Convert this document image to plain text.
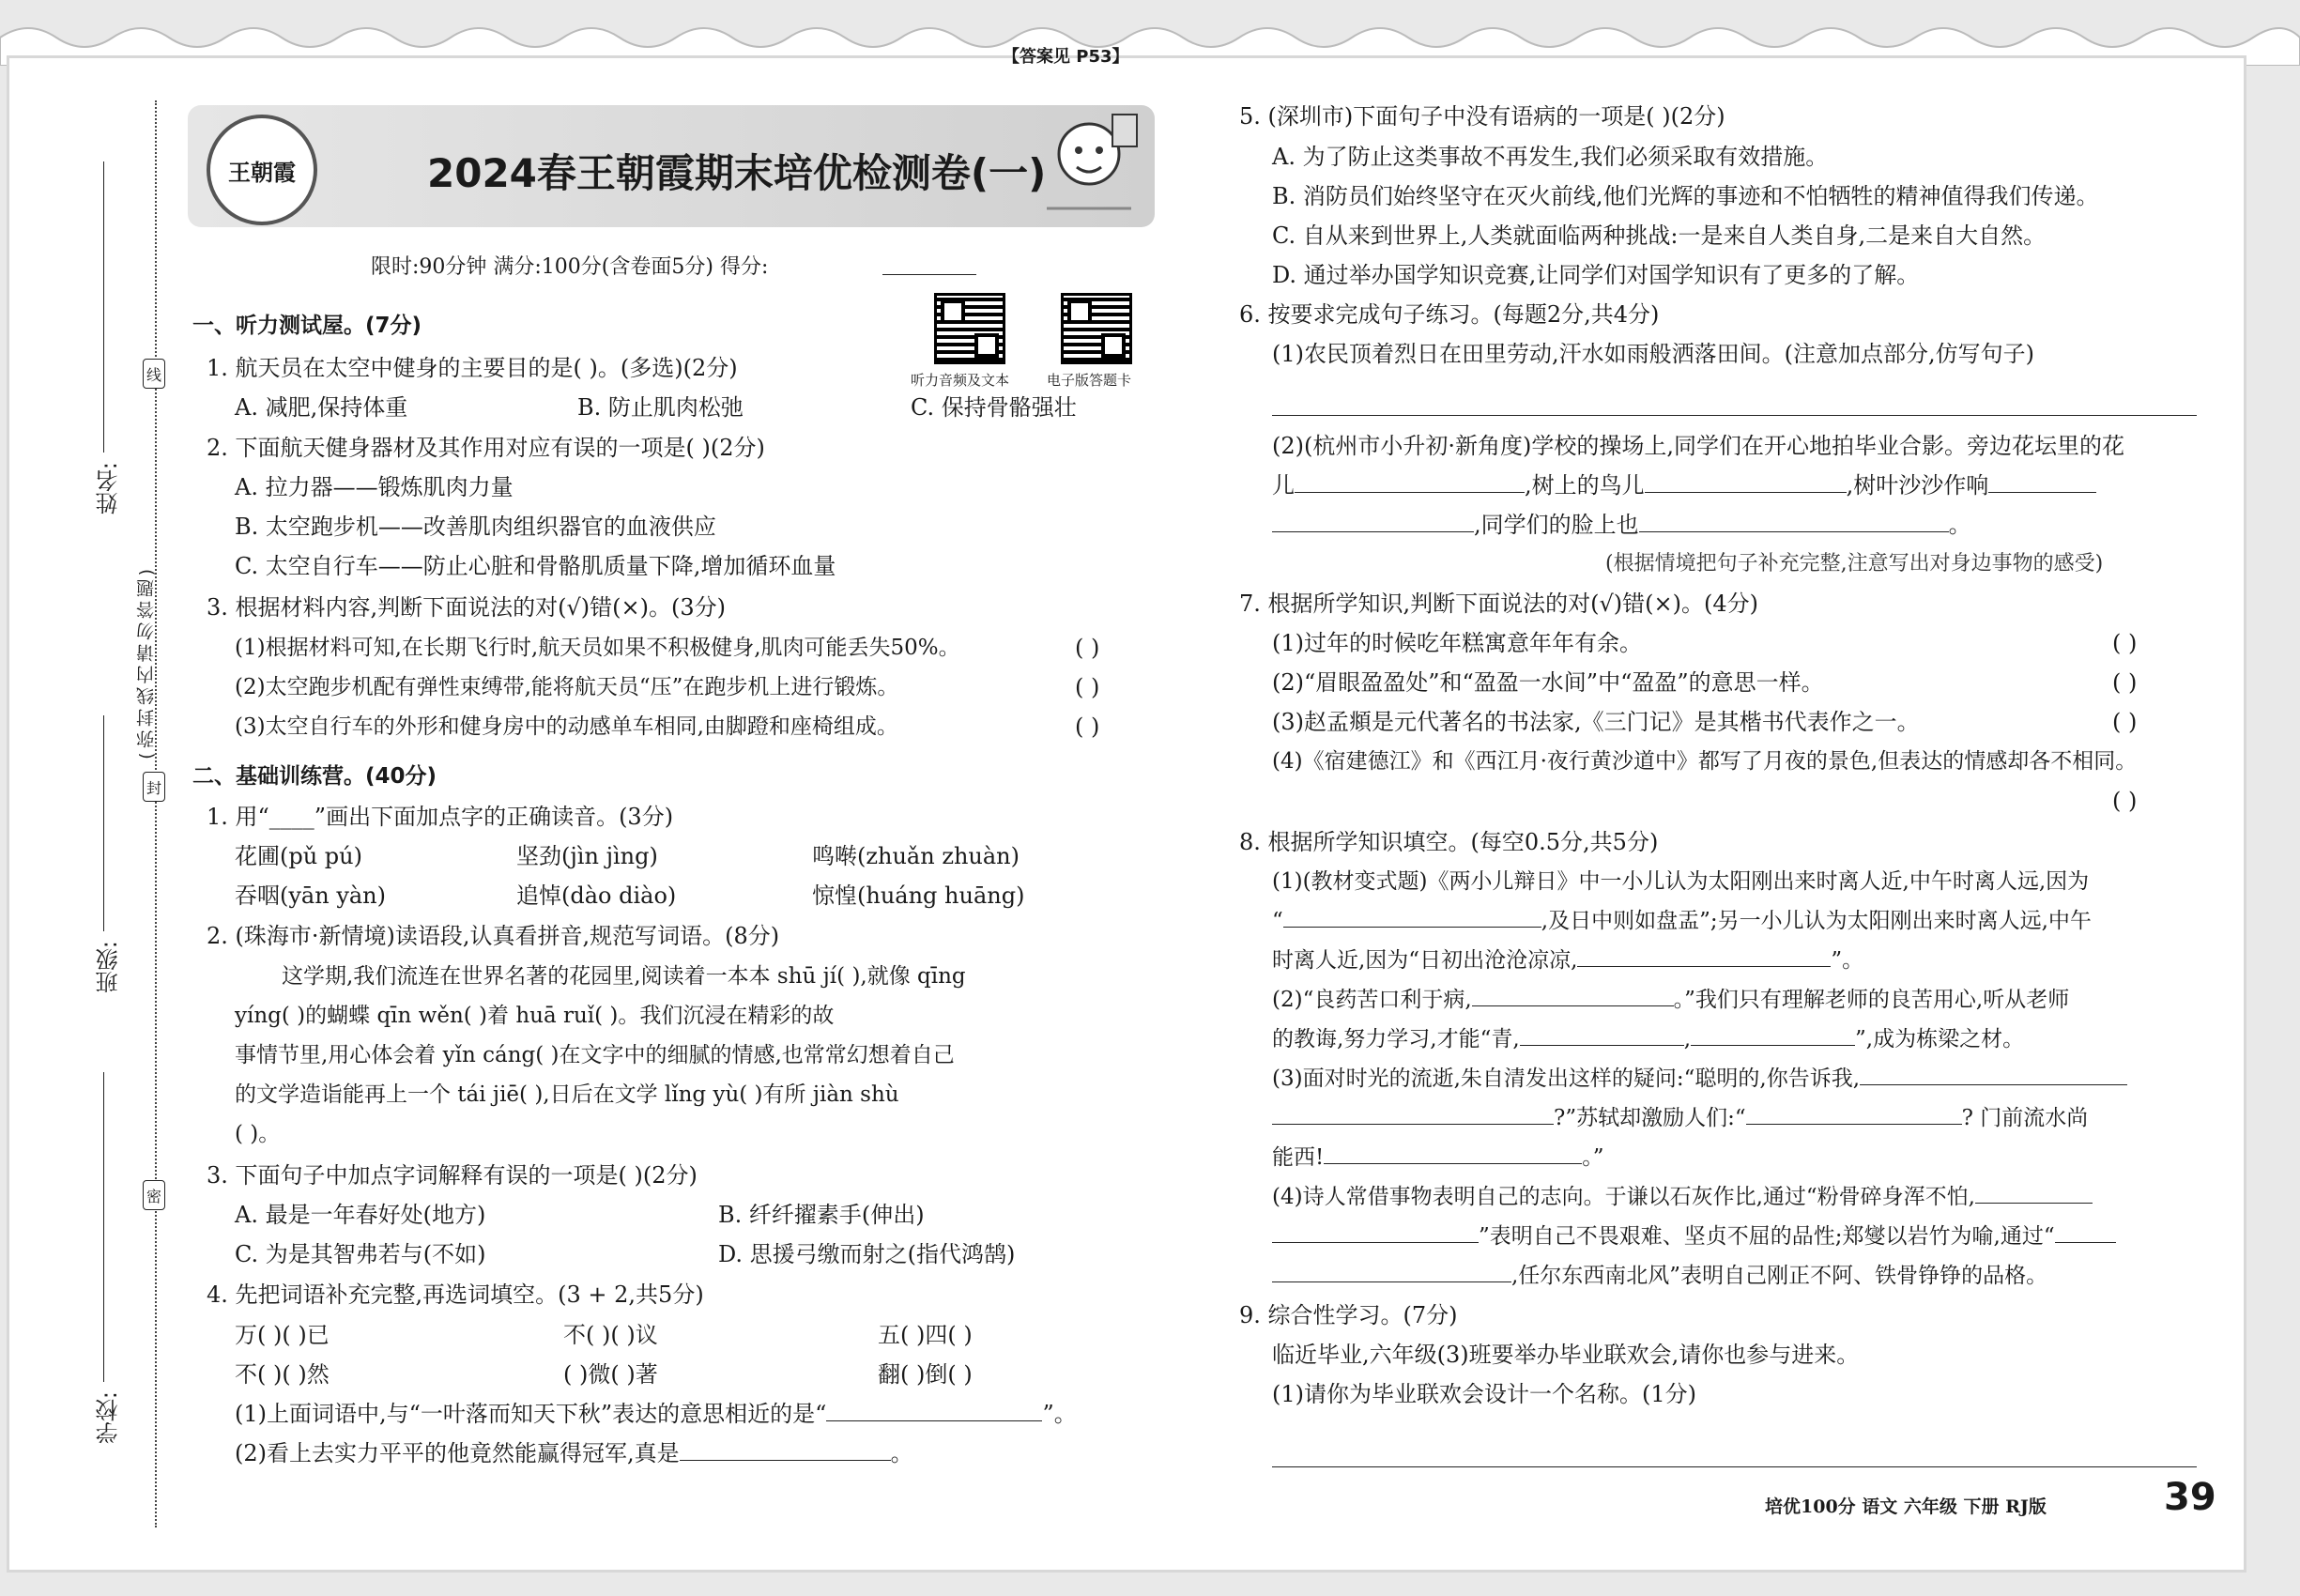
姓名:
班级:
学校:
(弥封线内请勿答题)
线
封
密
【答案见 P53】
王朝霞	2024春王朝霞期末培优检测卷(一)
限时:90分钟 满分:100分(含卷面5分) 得分:
听力音频及文本	电子版答题卡
一、听力测试屋。(7分)
1. 航天员在太空中健身的主要目的是( )。(多选)(2分)
A. 减肥,保持体重	B. 防止肌肉松弛	C. 保持骨骼强壮
2. 下面航天健身器材及其作用对应有误的一项是( )(2分)
A. 拉力器——锻炼肌肉力量
B. 太空跑步机——改善肌肉组织器官的血液供应
C. 太空自行车——防止心脏和骨骼肌质量下降,增加循环血量
3. 根据材料内容,判断下面说法的对(√)错(×)。(3分)
(1)根据材料可知,在长期飞行时,航天员如果不积极健身,肌肉可能丢失50%。	( )
(2)太空跑步机配有弹性束缚带,能将航天员“压”在跑步机上进行锻炼。	( )
(3)太空自行车的外形和健身房中的动感单车相同,由脚蹬和座椅组成。	( )
二、基础训练营。(40分)
1. 用“____”画出下面加点字的正确读音。(3分)
花圃(pǔ pú)	坚劲(jìn jìng)	鸣啭(zhuǎn zhuàn)
吞咽(yān yàn)	追悼(dào diào)	惊惶(huáng huāng)
2. (珠海市·新情境)读语段,认真看拼音,规范写词语。(8分)
这学期,我们流连在世界名著的花园里,阅读着一本本 shū jí( ),就像 qīng
yíng( )的蝴蝶 qīn wěn( )着 huā ruǐ( )。我们沉浸在精彩的故
事情节里,用心体会着 yǐn cáng( )在文字中的细腻的情感,也常常幻想着自己
的文学造诣能再上一个 tái jiē( ),日后在文学 lǐng yù( )有所 jiàn shù
( )。
3. 下面句子中加点字词解释有误的一项是( )(2分)
A. 最是一年春好处(地方)	B. 纤纤擢素手(伸出)
C. 为是其智弗若与(不如)	D. 思援弓缴而射之(指代鸿鹄)
4. 先把词语补充完整,再选词填空。(3 + 2,共5分)
万( )( )已	不( )( )议	五( )四( )
不( )( )然	( )微( )著	翻( )倒( )
(1)上面词语中,与“一叶落而知天下秋”表达的意思相近的是“	”。
(2)看上去实力平平的他竟然能赢得冠军,真是	。
5. (深圳市)下面句子中没有语病的一项是( )(2分)
A. 为了防止这类事故不再发生,我们必须采取有效措施。
B. 消防员们始终坚守在灭火前线,他们光辉的事迹和不怕牺牲的精神值得我们传递。
C. 自从来到世界上,人类就面临两种挑战:一是来自人类自身,二是来自大自然。
D. 通过举办国学知识竞赛,让同学们对国学知识有了更多的了解。
6. 按要求完成句子练习。(每题2分,共4分)
(1)农民顶着烈日在田里劳动,汗水如雨般洒落田间。(注意加点部分,仿写句子)
(2)(杭州市小升初·新角度)学校的操场上,同学们在开心地拍毕业合影。旁边花坛里的花
儿	,树上的鸟儿	,树叶沙沙作响
,同学们的脸上也	。
(根据情境把句子补充完整,注意写出对身边事物的感受)
7. 根据所学知识,判断下面说法的对(√)错(×)。(4分)
(1)过年的时候吃年糕寓意年年有余。	( )
(2)“眉眼盈盈处”和“盈盈一水间”中“盈盈”的意思一样。	( )
(3)赵孟頫是元代著名的书法家,《三门记》是其楷书代表作之一。	( )
(4)《宿建德江》和《西江月·夜行黄沙道中》都写了月夜的景色,但表达的情感却各不相同。
( )
8. 根据所学知识填空。(每空0.5分,共5分)
(1)(教材变式题)《两小儿辩日》中一小儿认为太阳刚出来时离人近,中午时离人远,因为
“	,及日中则如盘盂”;另一小儿认为太阳刚出来时离人远,中午
时离人近,因为“日初出沧沧凉凉,	”。
(2)“良药苦口利于病,	。”我们只有理解老师的良苦用心,听从老师
的教诲,努力学习,才能“青,	,	”,成为栋梁之材。
(3)面对时光的流逝,朱自清发出这样的疑问:“聪明的,你告诉我,
?”苏轼却激励人们:“	? 门前流水尚
能西!	。”
(4)诗人常借事物表明自己的志向。于谦以石灰作比,通过“粉骨碎身浑不怕,
”表明自己不畏艰难、坚贞不屈的品性;郑燮以岩竹为喻,通过“
,任尔东西南北风”表明自己刚正不阿、铁骨铮铮的品格。
9. 综合性学习。(7分)
临近毕业,六年级(3)班要举办毕业联欢会,请你也参与进来。
(1)请你为毕业联欢会设计一个名称。(1分)
培优100分 语文 六年级 下册 RJ版	39
